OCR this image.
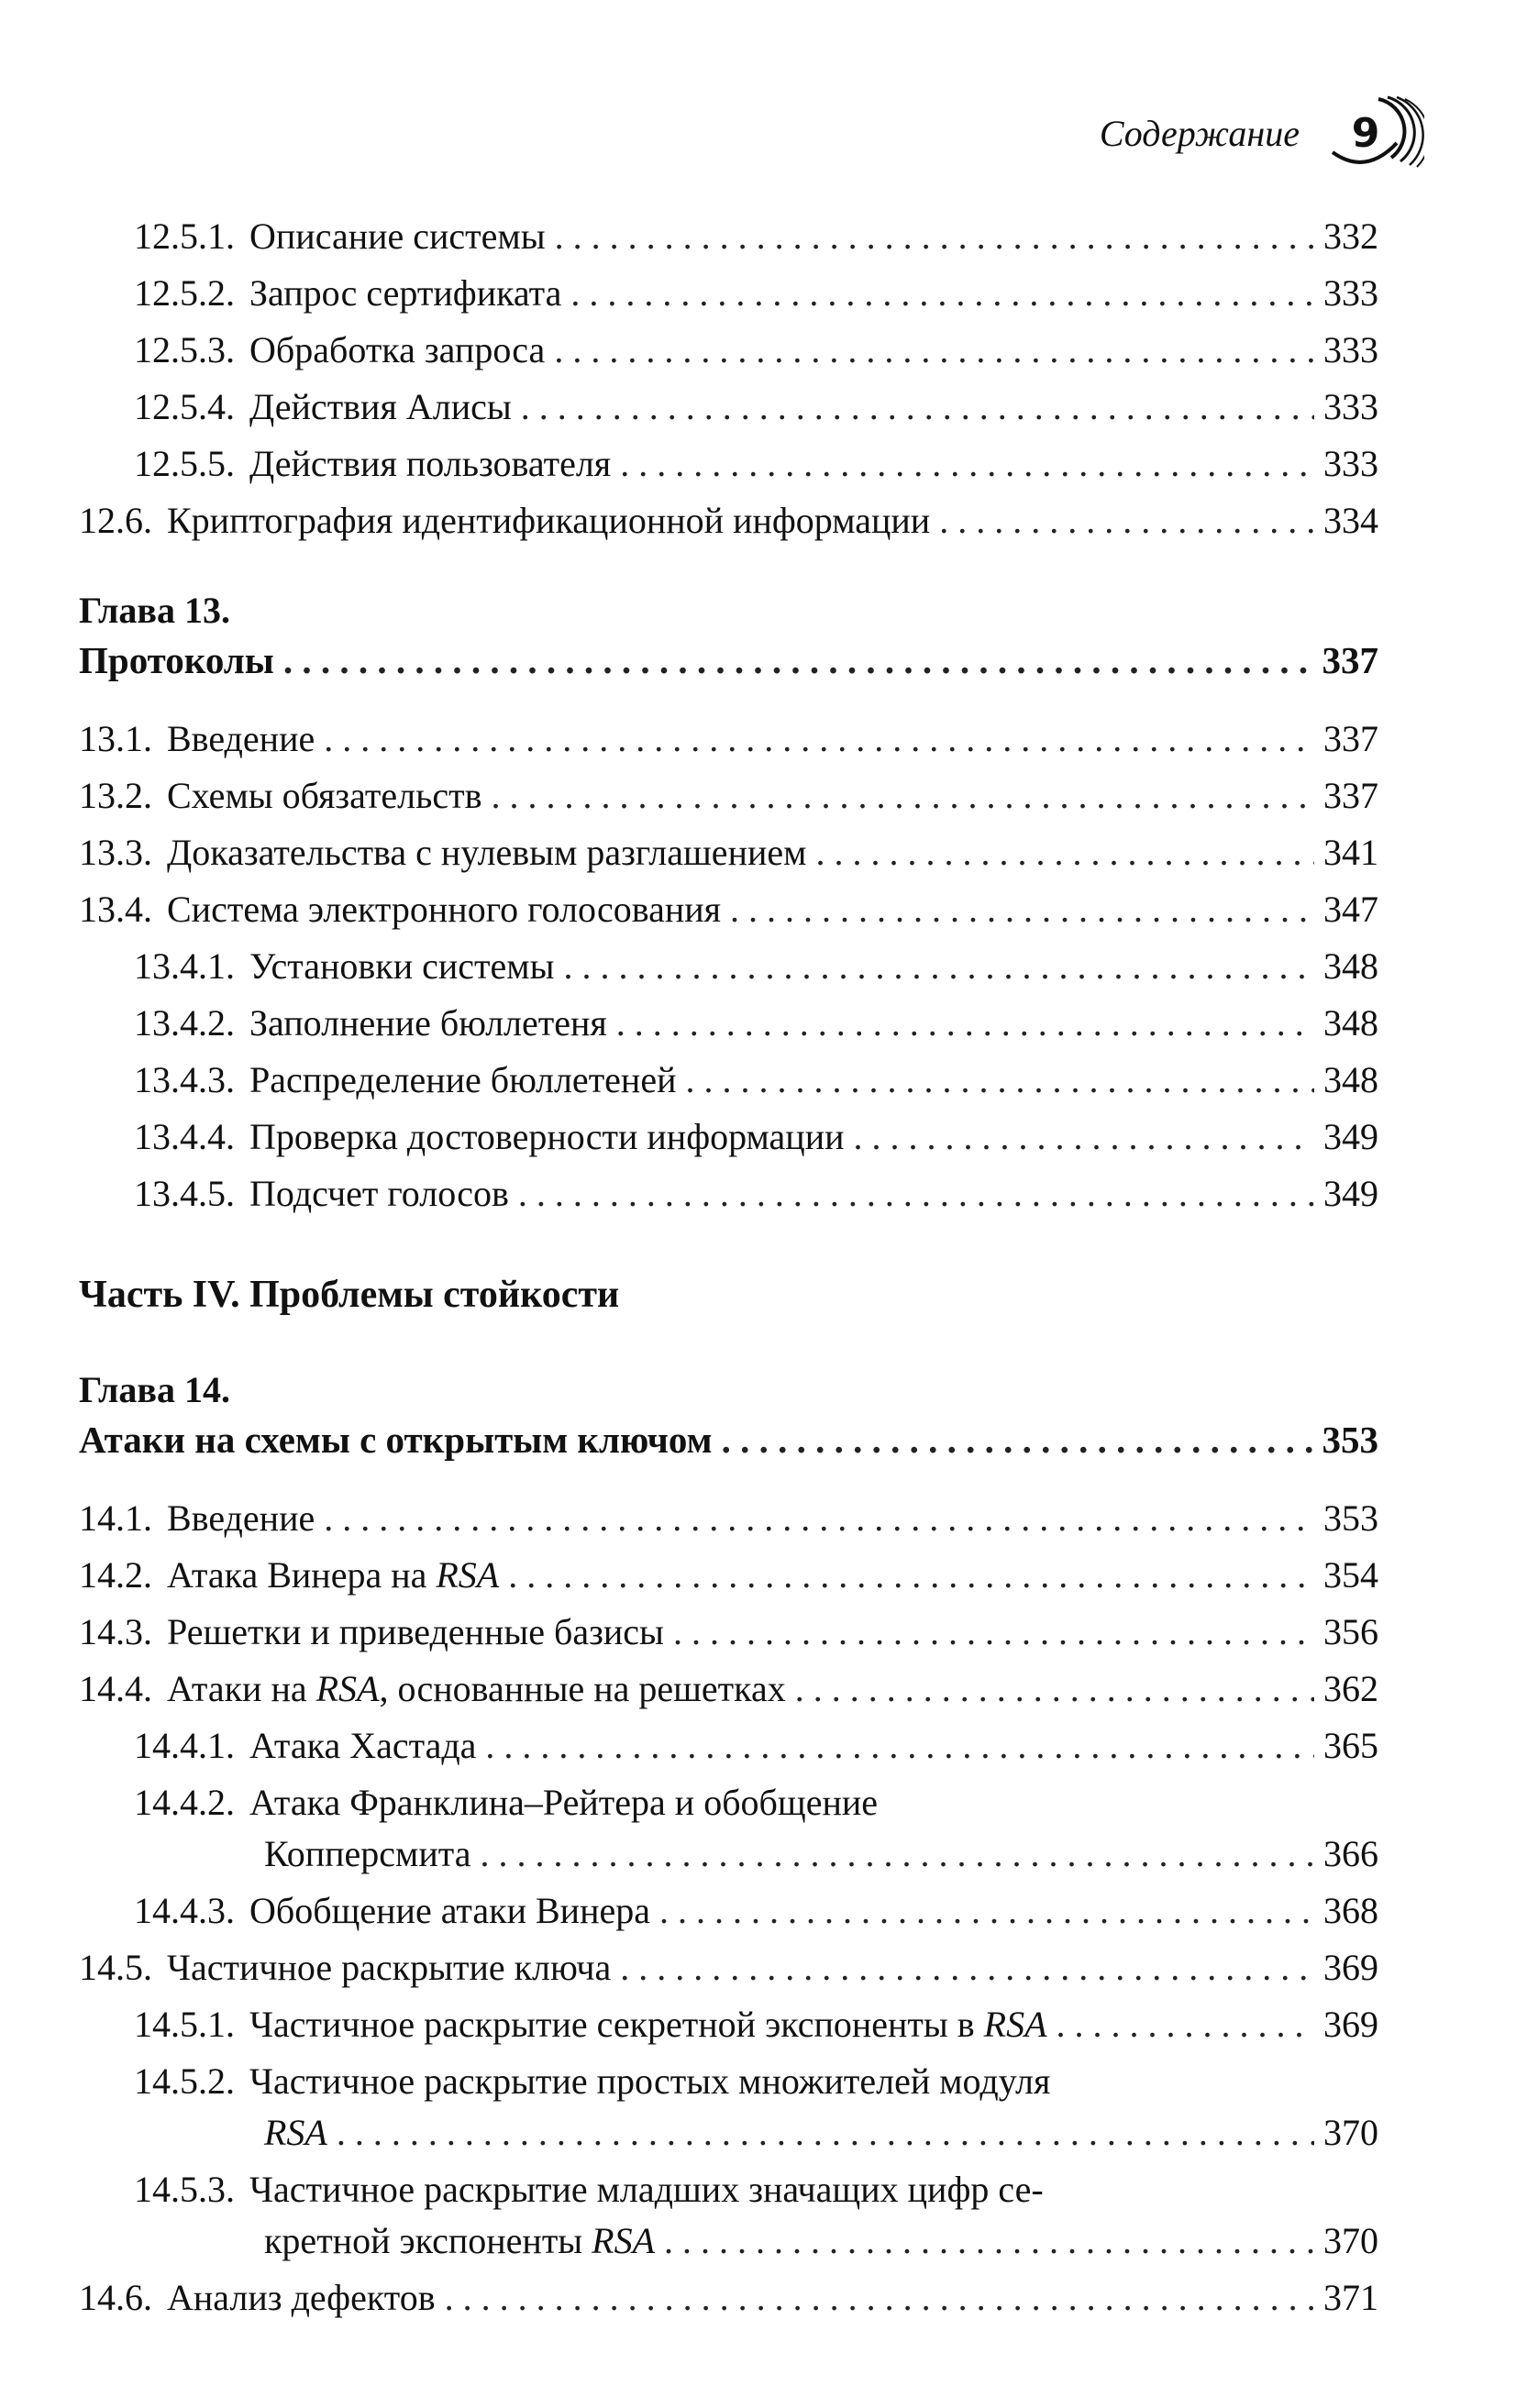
Содержание 9
12.5.1. Описание системы . . .	332
12.5.2. Запрос сертификата . . .	333
12.5.3. Обработка запроса . . .	333
12.5.4. Действия Алисы . . .	333
12.5.5. Действия пользователя . . .	333
12.6. Криптография идентификационной информации . . .	334
Глава 13.
Протоколы . . .	337
13.1. Введение . . .	337
13.2. Схемы обязательств . . .	337
13.3. Доказательства с нулевым разглашением . . .	341
13.4. Система электронного голосования . . .	347
13.4.1. Установки системы . . .	348
13.4.2. Заполнение бюллетеня . . .	348
13.4.3. Распределение бюллетеней . . .	348
13.4.4. Проверка достоверности информации . . .	349
13.4.5. Подсчет голосов . . .	349
Часть IV. Проблемы стойкости
Глава 14.
Атаки на схемы с открытым ключом . . .	353
14.1. Введение . . .	353
14.2. Атака Винера на RSA . . .	354
14.3. Решетки и приведенные базисы . . .	356
14.4. Атаки на RSA, основанные на решетках . . .	362
14.4.1. Атака Хастада . . .	365
14.4.2. Атака Франклина–Рейтера и обобщение
Копперсмита . . .	366
14.4.3. Обобщение атаки Винера . . .	368
14.5. Частичное раскрытие ключа . . .	369
14.5.1. Частичное раскрытие секретной экспоненты в RSA . . .	369
14.5.2. Частичное раскрытие простых множителей модуля
RSA . . .	370
14.5.3. Частичное раскрытие младших значащих цифр се-
кретной экспоненты RSA . . .	370
14.6. Анализ дефектов . . .	371
